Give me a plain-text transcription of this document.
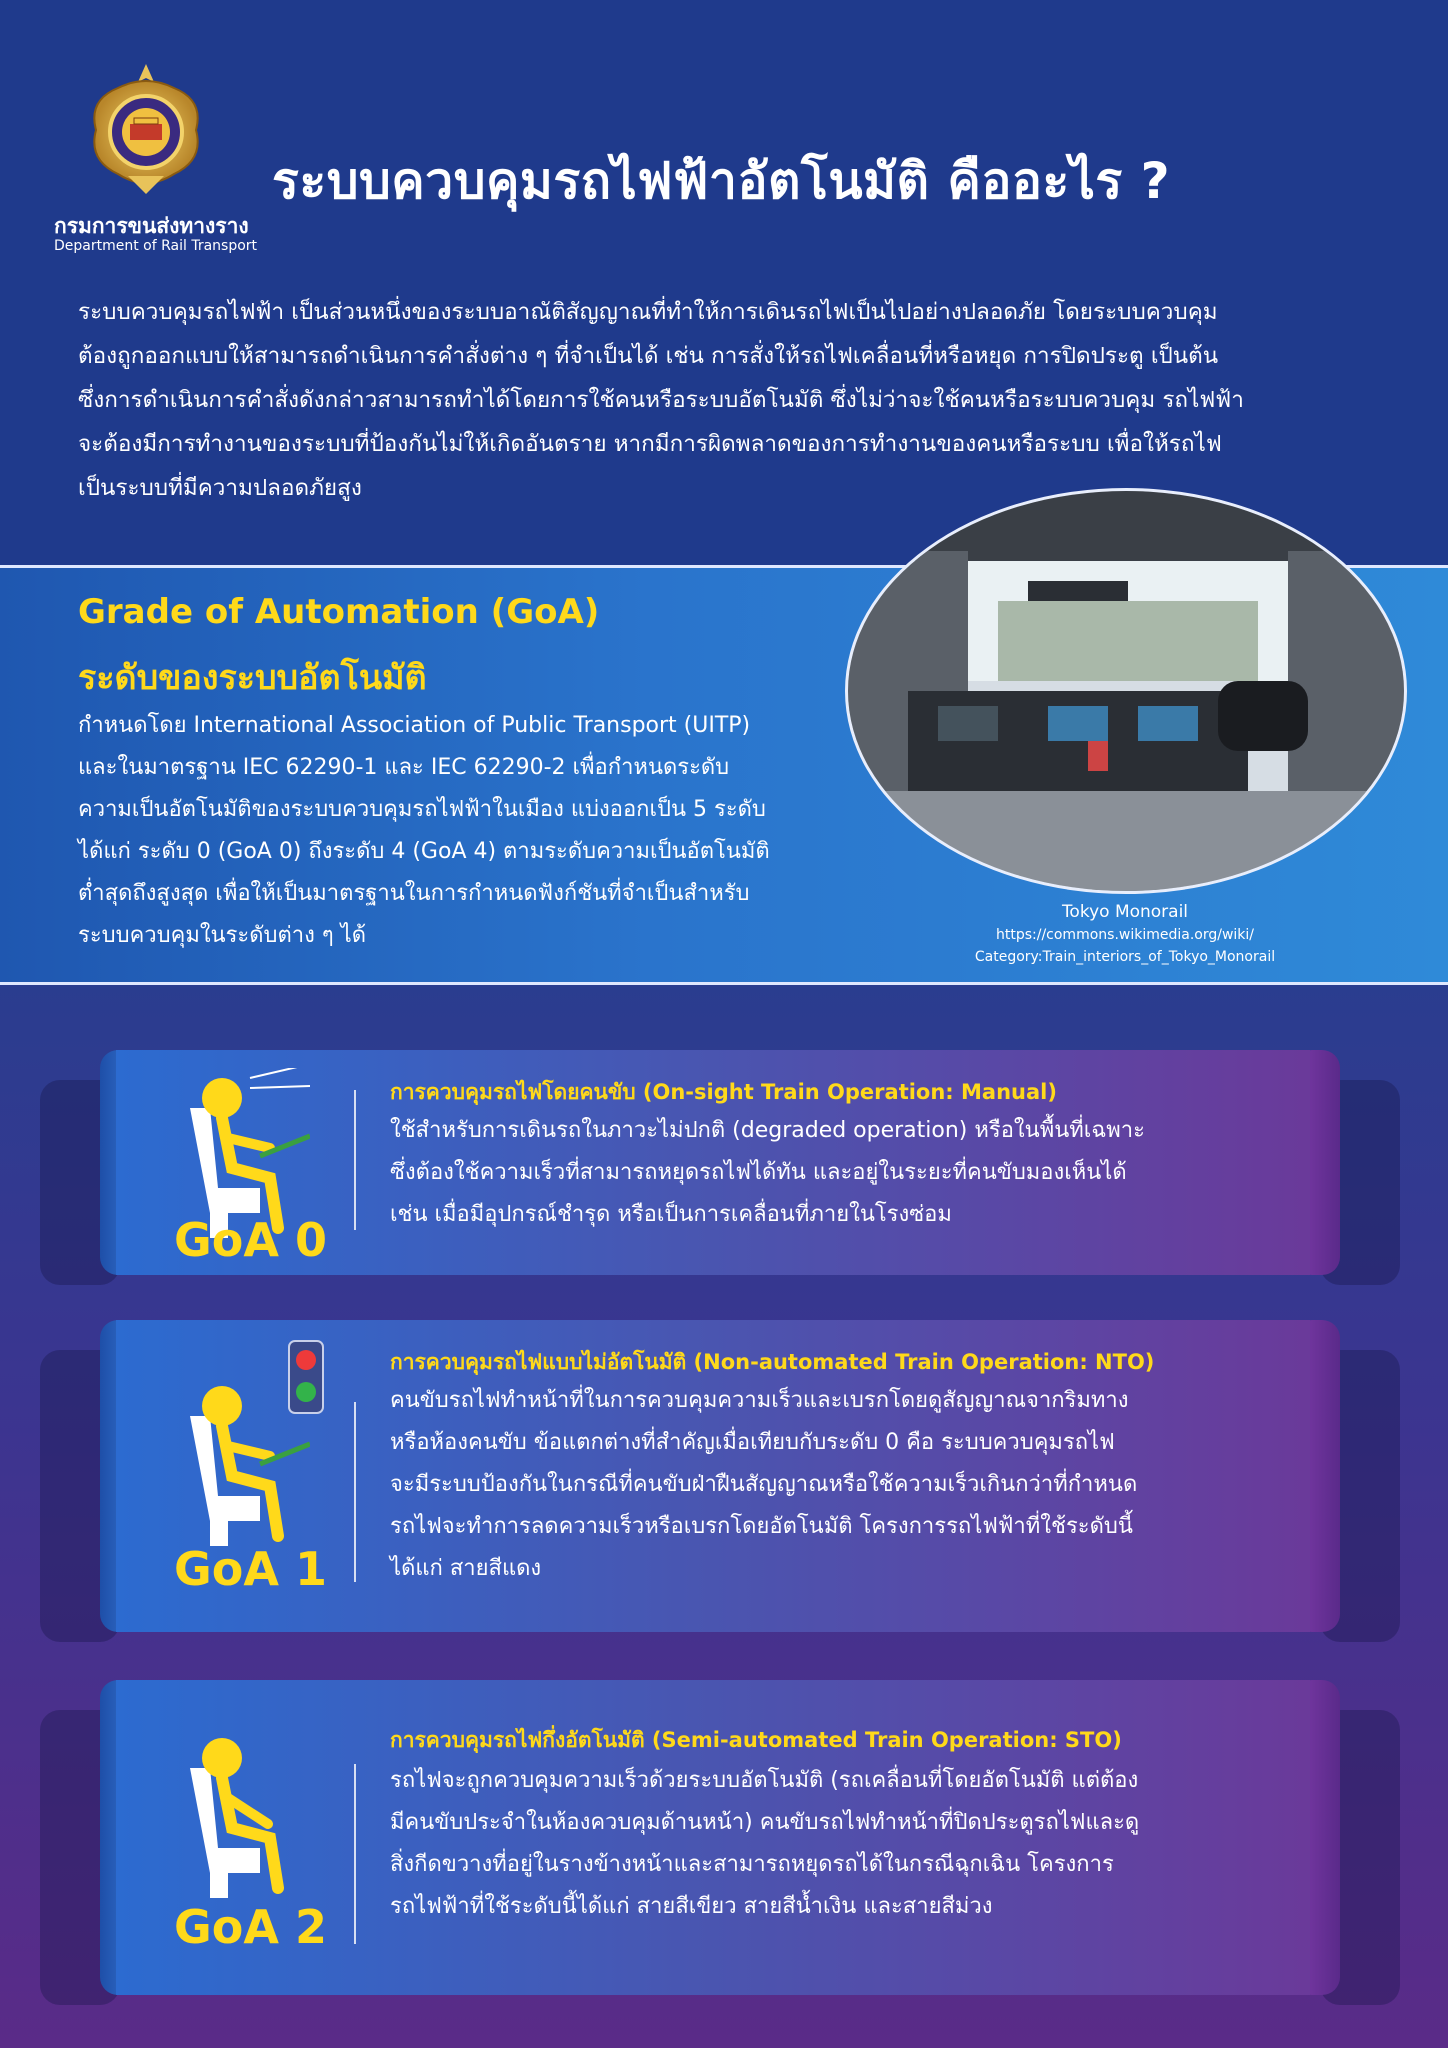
กรมการขนส่งทางราง
Department of Rail Transport
ระบบควบคุมรถไฟฟ้าอัตโนมัติ คืออะไร ?

ระบบควบคุมรถไฟฟ้า เป็นส่วนหนึ่งของระบบอาณัติสัญญาณที่ทำให้การเดินรถไฟเป็นไปอย่างปลอดภัย โดยระบบควบคุม

ต้องถูกออกแบบให้สามารถดำเนินการคำสั่งต่าง ๆ ที่จำเป็นได้ เช่น การสั่งให้รถไฟเคลื่อนที่หรือหยุด การปิดประตู เป็นต้น

ซึ่งการดำเนินการคำสั่งดังกล่าวสามารถทำได้โดยการใช้คนหรือระบบอัตโนมัติ ซึ่งไม่ว่าจะใช้คนหรือระบบควบคุม รถไฟฟ้า

จะต้องมีการทำงานของระบบที่ป้องกันไม่ให้เกิดอันตราย หากมีการผิดพลาดของการทำงานของคนหรือระบบ เพื่อให้รถไฟ

เป็นระบบที่มีความปลอดภัยสูง

Grade of Automation (GoA)
ระดับของระบบอัตโนมัติ

กำหนดโดย International Association of Public Transport (UITP)

และในมาตรฐาน IEC 62290-1 และ IEC 62290-2 เพื่อกำหนดระดับ

ความเป็นอัตโนมัติของระบบควบคุมรถไฟฟ้าในเมือง แบ่งออกเป็น 5 ระดับ

ได้แก่ ระดับ 0 (GoA 0) ถึงระดับ 4 (GoA 4) ตามระดับความเป็นอัตโนมัติ

ต่ำสุดถึงสูงสุด เพื่อให้เป็นมาตรฐานในการกำหนดฟังก์ชันที่จำเป็นสำหรับ

ระบบควบคุมในระดับต่าง ๆ ได้

Tokyo Monorail
https://commons.wikimedia.org/wiki/
Category:Train_interiors_of_Tokyo_Monorail
GoA 0
การควบคุมรถไฟโดยคนขับ (On-sight Train Operation: Manual)

ใช้สำหรับการเดินรถในภาวะไม่ปกติ (degraded operation) หรือในพื้นที่เฉพาะ

ซึ่งต้องใช้ความเร็วที่สามารถหยุดรถไฟได้ทัน และอยู่ในระยะที่คนขับมองเห็นได้

เช่น เมื่อมีอุปกรณ์ชำรุด หรือเป็นการเคลื่อนที่ภายในโรงซ่อม

GoA 1
การควบคุมรถไฟแบบไม่อัตโนมัติ (Non-automated Train Operation: NTO)

คนขับรถไฟทำหน้าที่ในการควบคุมความเร็วและเบรกโดยดูสัญญาณจากริมทาง

หรือห้องคนขับ ข้อแตกต่างที่สำคัญเมื่อเทียบกับระดับ 0 คือ ระบบควบคุมรถไฟ

จะมีระบบป้องกันในกรณีที่คนขับฝ่าฝืนสัญญาณหรือใช้ความเร็วเกินกว่าที่กำหนด

รถไฟจะทำการลดความเร็วหรือเบรกโดยอัตโนมัติ โครงการรถไฟฟ้าที่ใช้ระดับนี้

ได้แก่ สายสีแดง

GoA 2
การควบคุมรถไฟกึ่งอัตโนมัติ (Semi-automated Train Operation: STO)

รถไฟจะถูกควบคุมความเร็วด้วยระบบอัตโนมัติ (รถเคลื่อนที่โดยอัตโนมัติ แต่ต้อง

มีคนขับประจำในห้องควบคุมด้านหน้า) คนขับรถไฟทำหน้าที่ปิดประตูรถไฟและดู

สิ่งกีดขวางที่อยู่ในรางข้างหน้าและสามารถหยุดรถได้ในกรณีฉุกเฉิน โครงการ

รถไฟฟ้าที่ใช้ระดับนี้ได้แก่ สายสีเขียว สายสีน้ำเงิน และสายสีม่วง
